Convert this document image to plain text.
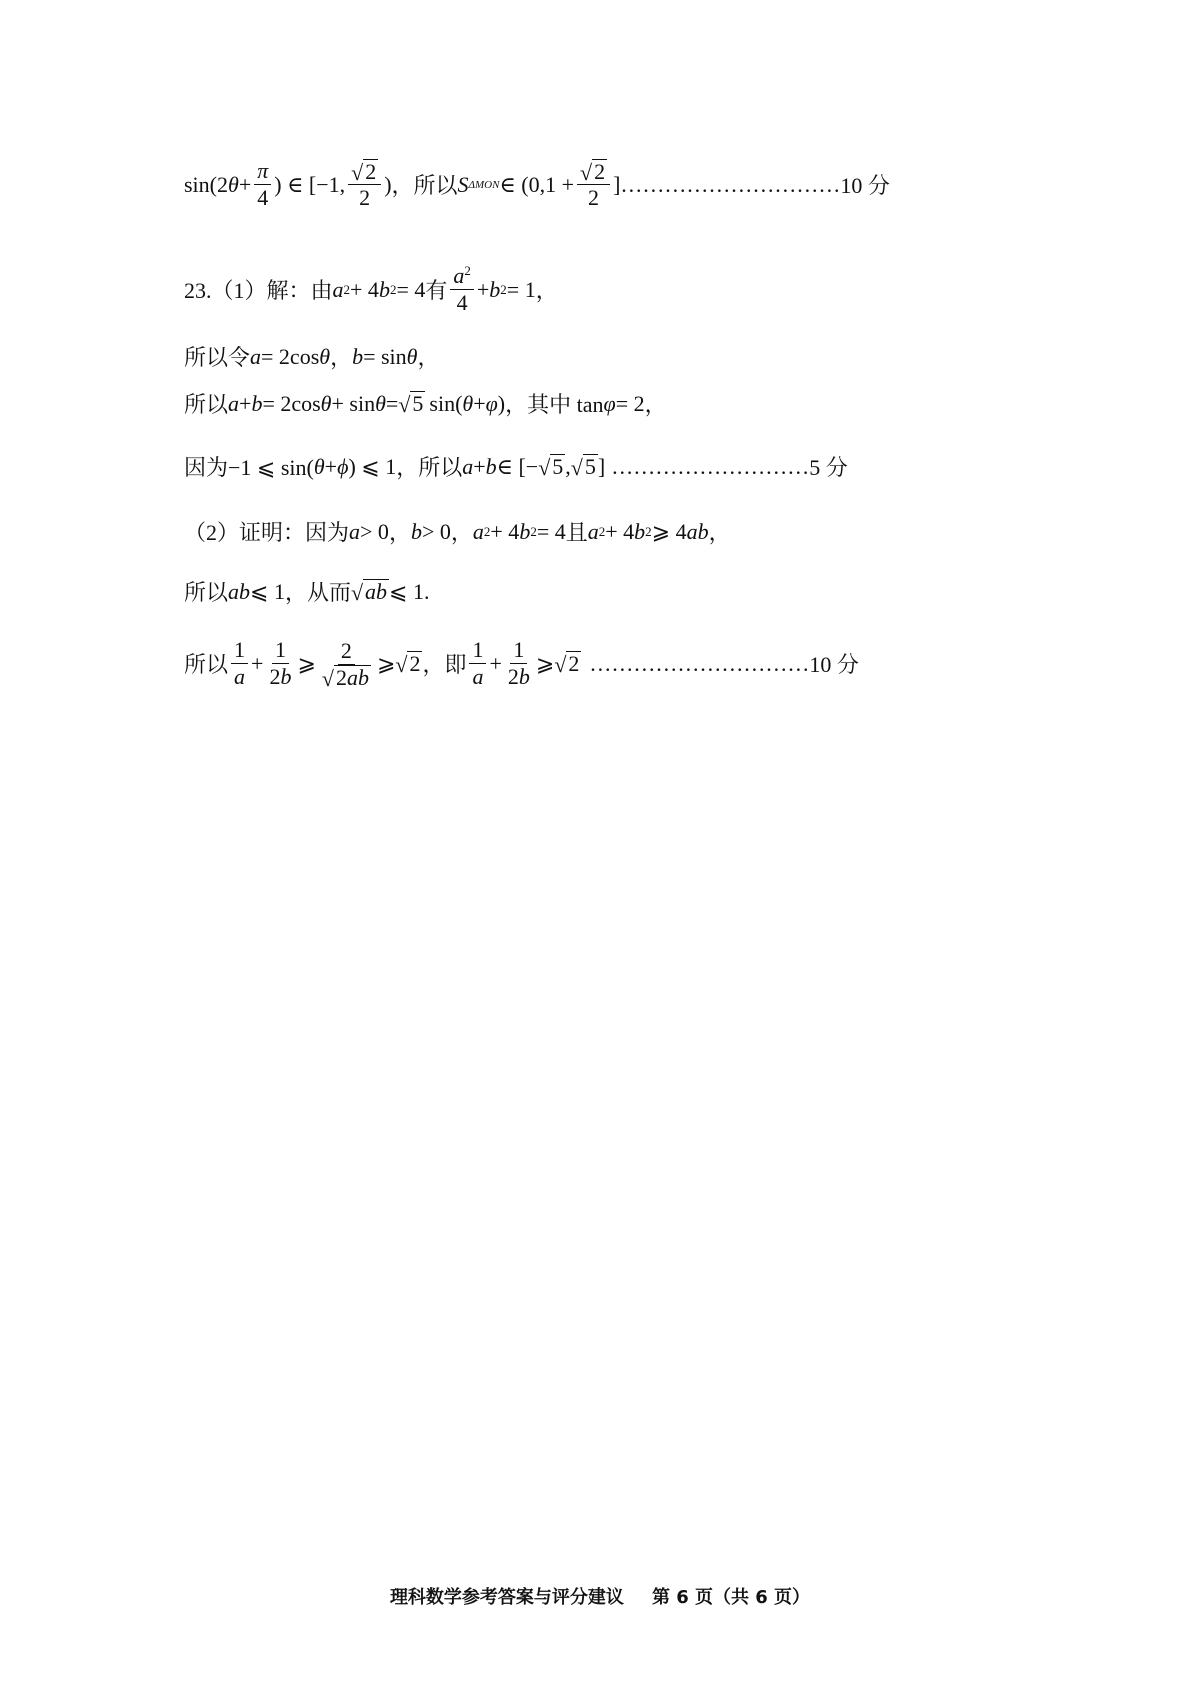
sin(2 $\theta + \frac{\pi}{4}$ ) ∈ [−1, $\frac{√ 2}{2}$ ) ，所以 S ΔMON ∈ ($0,1 + \frac{√ 2}{2}$ ] ………………………… 10 分
23.（1）解：由 a 2 + 4 b 2 = 4 有 $\frac{a^2}{4} + b$ 2 = 1 ，
所以令 a = 2cos θ ， b = sin θ ，
所以 a + b = 2cos θ + sin θ = √ 5 sin( θ + φ ) ，其中 tan φ = 2 ，
因为−1 ⩽ sin( θ + ϕ ) ⩽ 1 ，所以 a + b ∈ [− √ 5 , √ 5 ] ……………………… 5 分
（2）证明：因为 a > 0 ， b > 0 ， a 2 + 4 b 2 = 4 且 a 2 + 4 b 2 ⩾ 4 ab ，
所以 ab ⩽ 1 ，从而 √ ab ⩽ 1.
所以 $\frac{1}{a} + \frac{1}{2b}$ ⩾ $\frac{2}{√ 2ab}$ ⩾ √ 2 ，即 $\frac{1}{a} + \frac{1}{2b}$ ⩾ √ 2 ………………………… 10 分
理科数学参考答案与评分建议 第 6 页（共 6 页）
